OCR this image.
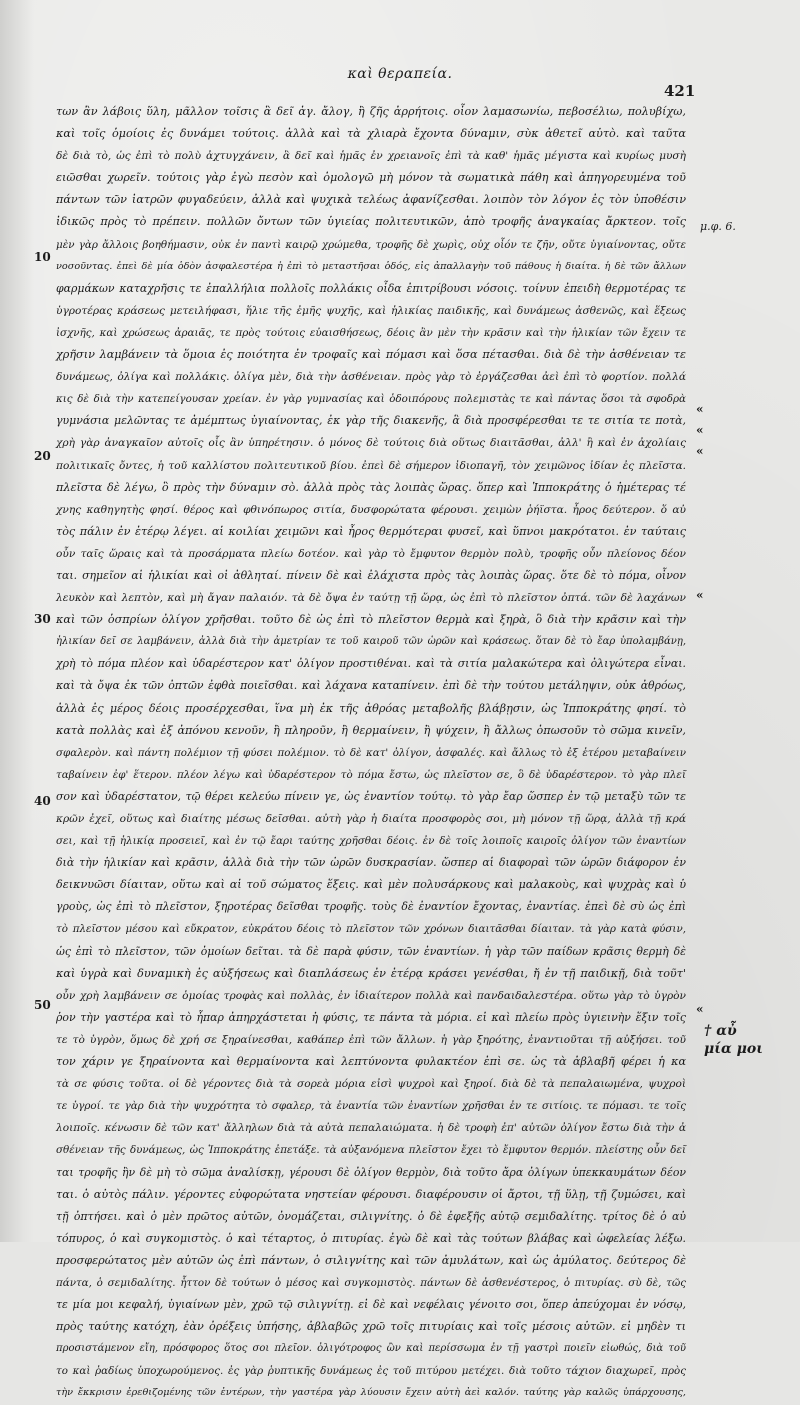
καὶ θεραπεία.
421
10
20
30
40
50
μ.φ. 6.
«
«
«
«
«
† αὖ
μία μοι
των ἂν λάβοις ὕλη, μᾶλλον τοῖσις ἃ δεῖ ἁγ. ἄλογ, ἢ ζῆς ἀρρήτοις. οἷον λαμασωνίω, πεβοσέλιω, πολυβίχω,
καὶ τοῖς ὁμοίοις ἐς δυνάμει τούτοις. ἀλλὰ καὶ τὰ χλιαρὰ ἔχοντα δύναμιν, σὺκ ἀθετεῖ αὐτὸ. καὶ ταῦτα
δὲ διὰ τὸ, ὡς ἐπὶ τὸ πολὺ ἀχτυγχάνειν, ἃ δεῖ καὶ ἡμᾶς ἐν χρειανοῖς ἐπὶ τὰ καθ' ἡμᾶς μέγιστα καὶ κυρίως μυσὴ
ειῶσθαι χωρεῖν. τούτοις γὰρ ἐγὼ πεσὸν καὶ ὁμολογῶ μὴ μόνον τὰ σωματικὰ πάθη καὶ ἀπηγορευμένα τοῦ
πάντων τῶν ἰατρῶν φυγαδεύειν, ἀλλὰ καὶ ψυχικὰ τελέως ἀφανίζεσθαι. λοιπὸν τὸν λόγον ἐς τὸν ὑποθέσιν
ἰδικῶς πρὸς τὸ πρέπειν. πολλῶν ὄντων τῶν ὑγιείας πολιτευτικῶν, ἀπὸ τροφῆς ἀναγκαίας ἄρκτεον. τοῖς
μὲν γὰρ ἄλλοις βοηθήμασιν, οὐκ ἐν παντὶ καιρῷ χρώμεθα, τροφῆς δὲ χωρὶς, οὐχ οἷόν τε ζῆν, οὔτε ὑγιαίνοντας, οὔτε
νοσοῦντας. ἐπεὶ δὲ μία ὁδὸν ἀσφαλεστέρα ἡ ἐπὶ τὸ μεταστῆσαι ὁδός, εἰς ἀπαλλαγὴν τοῦ πάθους ἡ διαίτα. ἡ δὲ τῶν ἄλλων
φαρμάκων καταχρῆσις τε ἐπαλλήλια πολλοῖς πολλάκις οἶδα ἐπιτρίβουσι νόσοις. τοίνυν ἐπειδὴ θερμοτέρας τε
ὑγροτέρας κράσεως μετειλήφασι, ἥλιε τῆς ἐμῆς ψυχῆς, καὶ ἡλικίας παιδικῆς, καὶ δυνάμεως ἀσθενῶς, καὶ ἕξεως
ἰσχνῆς, καὶ χρώσεως ἀραιᾶς, τε πρὸς τούτοις εὐαισθήσεως, δέοις ἂν μὲν τὴν κρᾶσιν καὶ τὴν ἡλικίαν τῶν ἔχειν τε
χρῆσιν λαμβάνειν τὰ ὅμοια ἐς ποιότητα ἐν τροφαῖς καὶ πόμασι καὶ ὅσα πέτασθαι. διὰ δὲ τὴν ἀσθένειαν τε
δυνάμεως, ὀλίγα καὶ πολλάκις. ὀλίγα μὲν, διὰ τὴν ἀσθένειαν. πρὸς γὰρ τὸ ἐργάζεσθαι ἀεὶ ἐπὶ τὸ φορτίον. πολλά
κις δὲ διὰ τὴν κατεπείγουσαν χρείαν. ἐν γὰρ γυμνασίας καὶ ὁδοιπόρους πολεμιστὰς τε καὶ πάντας ὅσοι τὰ σφοδρὰ
γυμνάσια μελῶντας τε ἀμέμπτως ὑγιαίνοντας, ἐκ γὰρ τῆς διακενῆς, ἃ διὰ προσφέρεσθαι τε τε σιτία τε ποτὰ,
χρὴ γὰρ ἀναγκαῖον αὐτοῖς οἷς ἂν ὑπηρέτησιν. ὁ μόνος δὲ τούτοις διὰ οὕτως διαιτᾶσθαι, ἀλλ' ἢ καὶ ἐν ἀχολίαις
πολιτικαῖς ὄντες, ἡ τοῦ καλλίστου πολιτευτικοῦ βίου. ἐπεὶ δὲ σήμερον ἰδιοπαγῆ, τὸν χειμῶνος ἰδίαν ἐς πλεῖστα.
πλεῖστα δὲ λέγω, ὃ πρὸς τὴν δύναμιν σὸ. ἀλλὰ πρὸς τὰς λοιπὰς ὥρας. ὅπερ καὶ Ἱπποκράτης ὁ ἡμέτερας τέ
χνης καθηγητὴς φησί. θέρος καὶ φθινόπωρος σιτία, δυσφορώτατα φέρουσι. χειμὼν ῥήϊστα. ἦρος δεύτερον. ὅ αὐ
τὸς πάλιν ἐν ἑτέρῳ λέγει. αἱ κοιλίαι χειμῶνι καὶ ἦρος θερμότεραι φυσεῖ, καὶ ὕπνοι μακρότατοι. ἐν ταύταις
οὖν ταῖς ὥραις καὶ τὰ προσάρματα πλείω δοτέον. καὶ γὰρ τὸ ἔμφυτον θερμὸν πολὺ, τροφῆς οὖν πλείονος δέον
ται. σημεῖον αἱ ἡλικίαι καὶ οἱ ἀθληταί. πίνειν δὲ καὶ ἐλάχιστα πρὸς τὰς λοιπὰς ὥρας. ὅτε δὲ τὸ πόμα, οἶνον
λευκὸν καὶ λεπτὸν, καὶ μὴ ἄγαν παλαιόν. τὰ δὲ ὄψα ἐν ταύτῃ τῇ ὥρᾳ, ὡς ἐπὶ τὸ πλεῖστον ὀπτά. τῶν δὲ λαχάνων
καὶ τῶν ὁσπρίων ὀλίγον χρῆσθαι. τοῦτο δὲ ὡς ἐπὶ τὸ πλεῖστον θερμὰ καὶ ξηρὰ, ὃ διὰ τὴν κρᾶσιν καὶ τὴν
ἡλικίαν δεῖ σε λαμβάνειν, ἀλλὰ διὰ τὴν ἀμετρίαν τε τοῦ καιροῦ τῶν ὡρῶν καὶ κράσεως. ὅταν δὲ τὸ ἔαρ ὑπολαμβάνῃ,
χρὴ τὸ πόμα πλέον καὶ ὑδαρέστερον κατ' ὀλίγον προστιθέναι. καὶ τὰ σιτία μαλακώτερα καὶ ὀλιγώτερα εἶναι.
καὶ τὰ ὄψα ἐκ τῶν ὀπτῶν ἐφθὰ ποιεῖσθαι. καὶ λάχανα καταπίνειν. ἐπὶ δὲ τὴν τούτου μετάληψιν, οὐκ ἀθρόως,
ἀλλὰ ἐς μέρος δέοις προσέρχεσθαι, ἵνα μὴ ἐκ τῆς ἀθρόας μεταβολῆς βλάβῃσιν, ὡς Ἱπποκράτης φησί. τὸ
κατὰ πολλὰς καὶ ἐξ ἀπόνου κενοῦν, ἢ πληροῦν, ἢ θερμαίνειν, ἢ ψύχειν, ἢ ἄλλως ὁπωσοῦν τὸ σῶμα κινεῖν,
σφαλερὸν. καὶ πάντη πολέμιον τῇ φύσει πολέμιον. τὸ δὲ κατ' ὀλίγον, ἀσφαλές. καὶ ἄλλως τὸ ἐξ ἑτέρου μεταβαίνειν
ταβαίνειν ἐφ' ἕτερον. πλέον λέγω καὶ ὑδαρέστερον τὸ πόμα ἔστω, ὡς πλεῖστον σε, ὃ δὲ ὑδαρέστερον. τὸ γὰρ πλεῖ
σον καὶ ὑδαρέστατον, τῷ θέρει κελεύω πίνειν γε, ὡς ἐναντίον τούτῳ. τὸ γὰρ ἔαρ ὥσπερ ἐν τῷ μεταξὺ τῶν τε
κρῶν ἐχεῖ, οὕτως καὶ διαίτης μέσως δεῖσθαι. αὐτὴ γὰρ ἡ διαίτα προσφορὸς σοι, μὴ μόνον τῇ ὥρᾳ, ἀλλὰ τῇ κρά
σει, καὶ τῇ ἡλικίᾳ προσειεῖ, καὶ ἐν τῷ ἔαρι ταύτης χρῆσθαι δέοις. ἐν δὲ τοῖς λοιποῖς καιροῖς ὀλίγον τῶν ἐναντίων
διὰ τὴν ἡλικίαν καὶ κρᾶσιν, ἀλλὰ διὰ τὴν τῶν ὡρῶν δυσκρασίαν. ὥσπερ αἱ διαφοραὶ τῶν ὡρῶν διάφορον ἐν
δεικνυῶσι δίαιταν, οὕτω καὶ αἱ τοῦ σώματος ἕξεις. καὶ μὲν πολυσάρκους καὶ μαλακοὺς, καὶ ψυχρὰς καὶ ὑ
γροὺς, ὡς ἐπὶ τὸ πλεῖστον, ξηροτέρας δεῖσθαι τροφῆς. τοὺς δὲ ἐναντίον ἔχοντας, ἐναντίας. ἐπεὶ δὲ σὺ ὡς ἐπὶ
τὸ πλεῖστον μέσου καὶ εὔκρατον, εὐκράτου δέοις τὸ πλεῖστον τῶν χρόνων διαιτᾶσθαι δίαιταν. τὰ γὰρ κατὰ φύσιν,
ὡς ἐπὶ τὸ πλεῖστον, τῶν ὁμοίων δεῖται. τὰ δὲ παρὰ φύσιν, τῶν ἐναντίων. ἡ γὰρ τῶν παίδων κρᾶσις θερμὴ δὲ
καὶ ὑγρὰ καὶ δυναμικὴ ἐς αὐξήσεως καὶ διαπλάσεως ἐν ἑτέρᾳ κράσει γενέσθαι, ἤ ἐν τῇ παιδικῇ, διὰ τοῦτ'
οὖν χρὴ λαμβάνειν σε ὁμοίας τροφὰς καὶ πολλὰς, ἐν ἰδιαίτερον πολλὰ καὶ πανδαιδαλεστέρα. οὕτω γὰρ τὸ ὑγρὸν
ῥον τὴν γαστέρα καὶ τὸ ἧπαρ ἀπηρχάστεται ἡ φύσις, τε πάντα τὰ μόρια. εἰ καὶ πλείω πρὸς ὑγιεινὴν ἕξιν τοῖς
τε τὸ ὑγρὸν, ὅμως δὲ χρή σε ξηραίνεσθαι, καθάπερ ἐπὶ τῶν ἄλλων. ἡ γὰρ ξηρότης, ἐναντιοῦται τῇ αὐξήσει. τοῦ
τον χάριν γε ξηραίνοντα καὶ θερμαίνοντα καὶ λεπτύνοντα φυλακτέον ἐπὶ σε. ὡς τὰ ἀβλαβῆ φέρει ἡ κα
τὰ σε φύσις τοῦτα. οἱ δὲ γέροντες διὰ τὰ σορεὰ μόρια εἰσὶ ψυχροὶ καὶ ξηροί. διὰ δὲ τὰ πεπαλαιωμένα, ψυχροὶ
τε ὑγροί. τε γὰρ διὰ τὴν ψυχρότητα τὸ σφαλερ, τὰ ἐναντία τῶν ἐναντίων χρῆσθαι ἐν τε σιτίοις. τε πόμασι. τε τοῖς
λοιποῖς. κένωσιν δὲ τῶν κατ' ἄλληλων διὰ τὰ αὐτὰ πεπαλαιώματα. ἡ δὲ τροφὴ ἐπ' αὐτῶν ὀλίγον ἔστω διὰ τὴν ἀ
σθένειαν τῆς δυνάμεως, ὡς Ἱπποκράτης ἐπετάξε. τὰ αὐξανόμενα πλεῖστον ἔχει τὸ ἔμφυτον θερμόν. πλείστης οὖν δεῖ
ται τροφῆς ἢν δὲ μὴ τὸ σῶμα ἀναλίσκῃ, γέρουσι δὲ ὀλίγον θερμὸν, διὰ τοῦτο ἄρα ὀλίγων ὑπεκκαυμάτων δέον
ται. ὁ αὐτὸς πάλιν. γέροντες εὐφορώτατα νηστείαν φέρουσι. διαφέρουσιν οἱ ἄρτοι, τῇ ὕλῃ, τῇ ζυμώσει, καὶ
τῇ ὀπτήσει. καὶ ὁ μὲν πρῶτος αὐτῶν, ὀνομάζεται, σιλιγνίτης. ὁ δὲ ἐφεξῆς αὐτῷ σεμιδαλίτης. τρίτος δὲ ὁ αὐ
τόπυρος, ὁ καὶ συγκομιστὸς. ὁ καὶ τέταρτος, ὁ πιτυρίας. ἐγὼ δὲ καὶ τὰς τούτων βλάβας καὶ ὠφελείας λέξω.
προσφερώτατος μὲν αὐτῶν ὡς ἐπὶ πάντων, ὁ σιλιγνίτης καὶ τῶν ἀμυλάτων, καὶ ὡς ἀμύλατος. δεύτερος δὲ
πάντα, ὁ σεμιδαλίτης. ἧττον δὲ τούτων ὁ μέσος καὶ συγκομιστὸς. πάντων δὲ ἀσθενέστερος, ὁ πιτυρίας. σὺ δὲ, τῶς
τε μία μοι κεφαλή, ὑγιαίνων μὲν, χρῶ τῷ σιλιγνίτῃ. εἰ δὲ καὶ νεφέλαις γένοιτο σοι, ὅπερ ἀπεύχομαι ἐν νόσῳ,
πρὸς ταύτης κατόχη, ἐὰν ὀρέξεις ὑπήσης, ἀβλαβῶς χρῶ τοῖς πιτυρίαις καὶ τοῖς μέσοις αὐτῶν. εἰ μηδὲν τι
προσιστάμενον εἴη, πρόσφορος ὅτος σοι πλεῖον. ὀλιγότροφος ὢν καὶ περίσσωμα ἐν τῇ γαστρὶ ποιεῖν εἰωθώς, διὰ τοῦ
το καὶ ῥαδίως ὑποχωρούμενος. ἐς γὰρ ῥυπτικῆς δυνάμεως ἐς τοῦ πιτύρου μετέχει. διὰ τοῦτο τάχιον διαχωρεῖ, πρὸς
τὴν ἔκκρισιν ἐρεθιζομένης τῶν ἐντέρων, τὴν γαστέρα γὰρ λύουσιν ἔχειν αὐτὴ ἀεὶ καλόν. ταύτης γὰρ καλῶς ὑπάρχουσης,
